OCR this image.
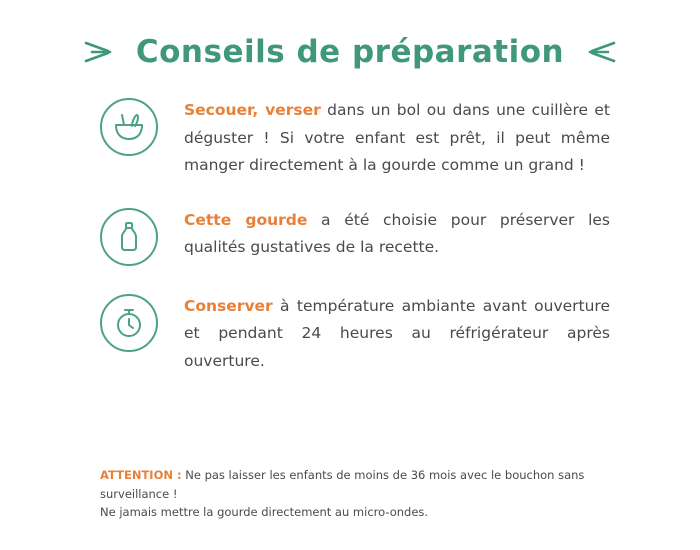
Conseils de préparation
Secouer, verser dans un bol ou dans une cuillère et déguster ! Si votre enfant est prêt, il peut même manger directement à la gourde comme un grand !
Cette gourde a été choisie pour préserver les qualités gustatives de la recette.
Conserver à température ambiante avant ouverture et pendant 24 heures au réfrigérateur après ouverture.
ATTENTION : Ne pas laisser les enfants de moins de 36 mois avec le bouchon sans surveillance !
Ne jamais mettre la gourde directement au micro-ondes.
